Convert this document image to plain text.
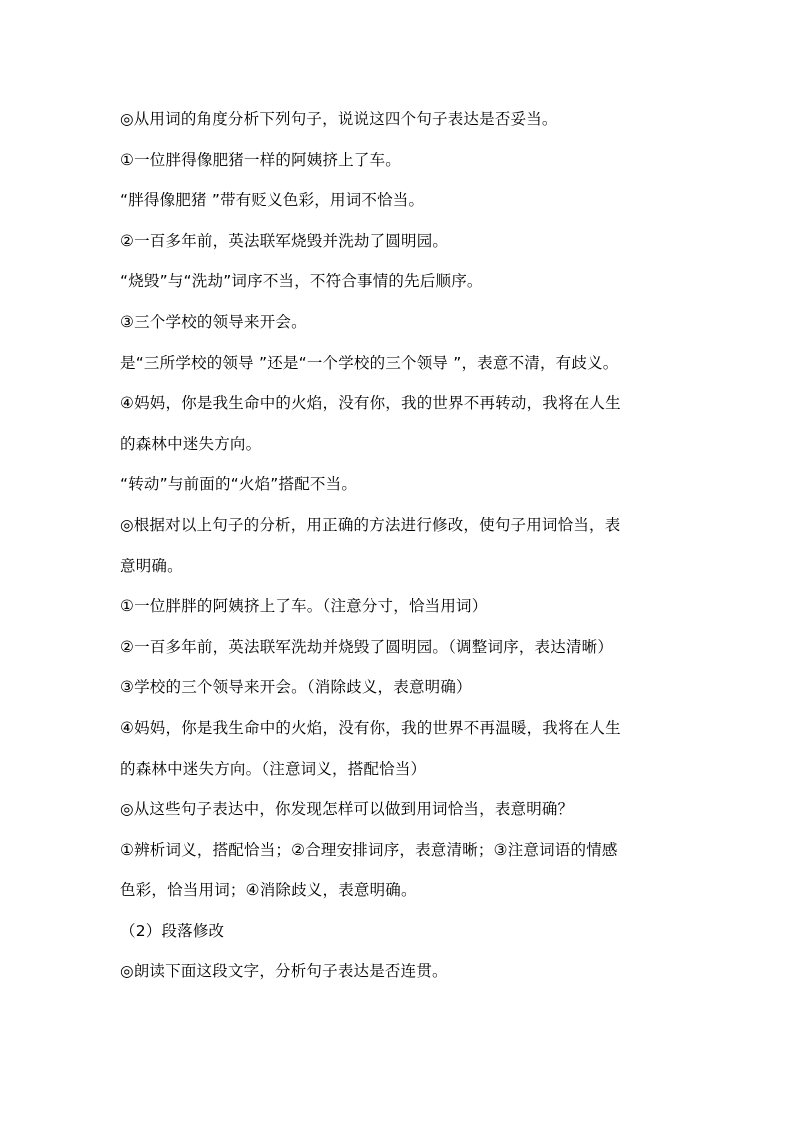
◎从用词的角度分析下列句子，说说这四个句子表达是否妥当。
①一位胖得像肥猪一样的阿姨挤上了车。
“胖得像肥猪 ”带有贬义色彩，用词不恰当。
②一百多年前，英法联军烧毁并洗劫了圆明园。
“烧毁”与“洗劫”词序不当，不符合事情的先后顺序。
③三个学校的领导来开会。
是“三所学校的领导 ”还是“一个学校的三个领导 ”，表意不清，有歧义。
④妈妈，你是我生命中的火焰，没有你，我的世界不再转动，我将在人生
的森林中迷失方向。
“转动”与前面的“火焰”搭配不当。
◎根据对以上句子的分析，用正确的方法进行修改，使句子用词恰当，表
意明确。
①一位胖胖的阿姨挤上了车。（注意分寸，恰当用词）
②一百多年前，英法联军洗劫并烧毁了圆明园。（调整词序，表达清晰）
③学校的三个领导来开会。（消除歧义，表意明确）
④妈妈，你是我生命中的火焰，没有你，我的世界不再温暖，我将在人生
的森林中迷失方向。（注意词义，搭配恰当）
◎从这些句子表达中，你发现怎样可以做到用词恰当，表意明确？
①辨析词义，搭配恰当；②合理安排词序，表意清晰；③注意词语的情感
色彩，恰当用词；④消除歧义，表意明确。
（2）段落修改
◎朗读下面这段文字，分析句子表达是否连贯。
